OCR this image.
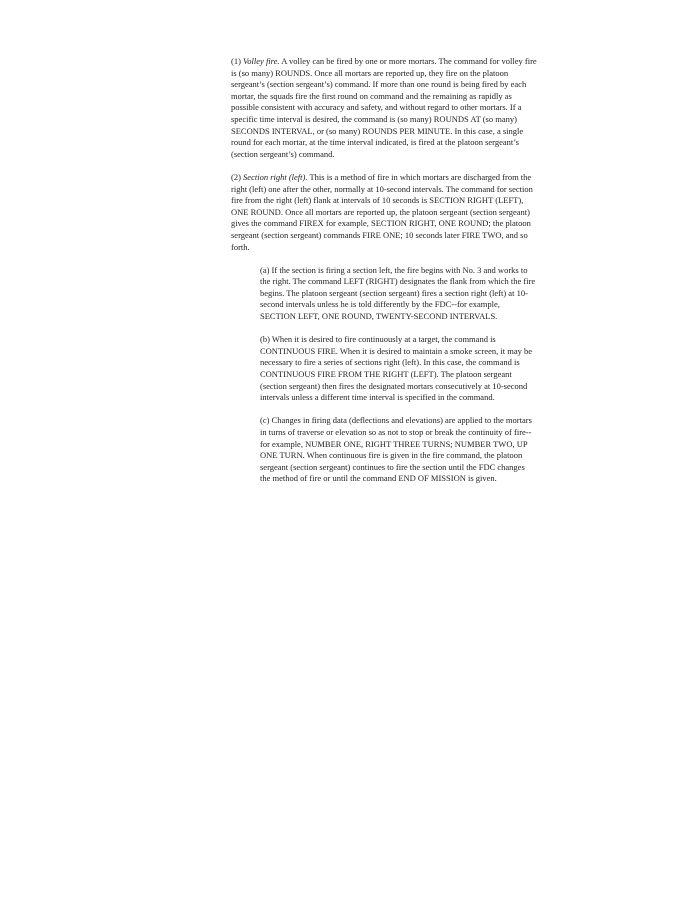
(1) Volley fire. A volley can be fired by one or more mortars. The command for volley fire is (so many) ROUNDS. Once all mortars are reported up, they fire on the platoon sergeant’s (section sergeant’s) command. If more than one round is being fired by each mortar, the squads fire the first round on command and the remaining as rapidly as possible consistent with accuracy and safety, and without regard to other mortars. If a specific time interval is desired, the command is (so many) ROUNDS AT (so many) SECONDS INTERVAL, or (so many) ROUNDS PER MINUTE. In this case, a single round for each mortar, at the time interval indicated, is fired at the platoon sergeant’s (section sergeant’s) command.

(2) Section right (left). This is a method of fire in which mortars are discharged from the right (left) one after the other, normally at 10-second intervals. The command for section fire from the right (left) flank at intervals of 10 seconds is SECTION RIGHT (LEFT), ONE ROUND. Once all mortars are reported up, the platoon sergeant (section sergeant) gives the command FIREX for example, SECTION RIGHT, ONE ROUND; the platoon sergeant (section sergeant) commands FIRE ONE; 10 seconds later FIRE TWO, and so forth.

(a) If the section is firing a section left, the fire begins with No. 3 and works to the right. The command LEFT (RIGHT) designates the flank from which the fire begins. The platoon sergeant (section sergeant) fires a section right (left) at 10-second intervals unless he is told differently by the FDC--for example, SECTION LEFT, ONE ROUND, TWENTY-SECOND INTERVALS.

(b) When it is desired to fire continuously at a target, the command is CONTINUOUS FIRE. When it is desired to maintain a smoke screen, it may be necessary to fire a series of sections right (left). In this case, the command is CONTINUOUS FIRE FROM THE RIGHT (LEFT). The platoon sergeant (section sergeant) then fires the designated mortars consecutively at 10-second intervals unless a different time interval is specified in the command.

(c) Changes in firing data (deflections and elevations) are applied to the mortars in turns of traverse or elevation so as not to stop or break the continuity of fire--for example, NUMBER ONE, RIGHT THREE TURNS; NUMBER TWO, UP ONE TURN. When continuous fire is given in the fire command, the platoon sergeant (section sergeant) continues to fire the section until the FDC changes the method of fire or until the command END OF MISSION is given.
